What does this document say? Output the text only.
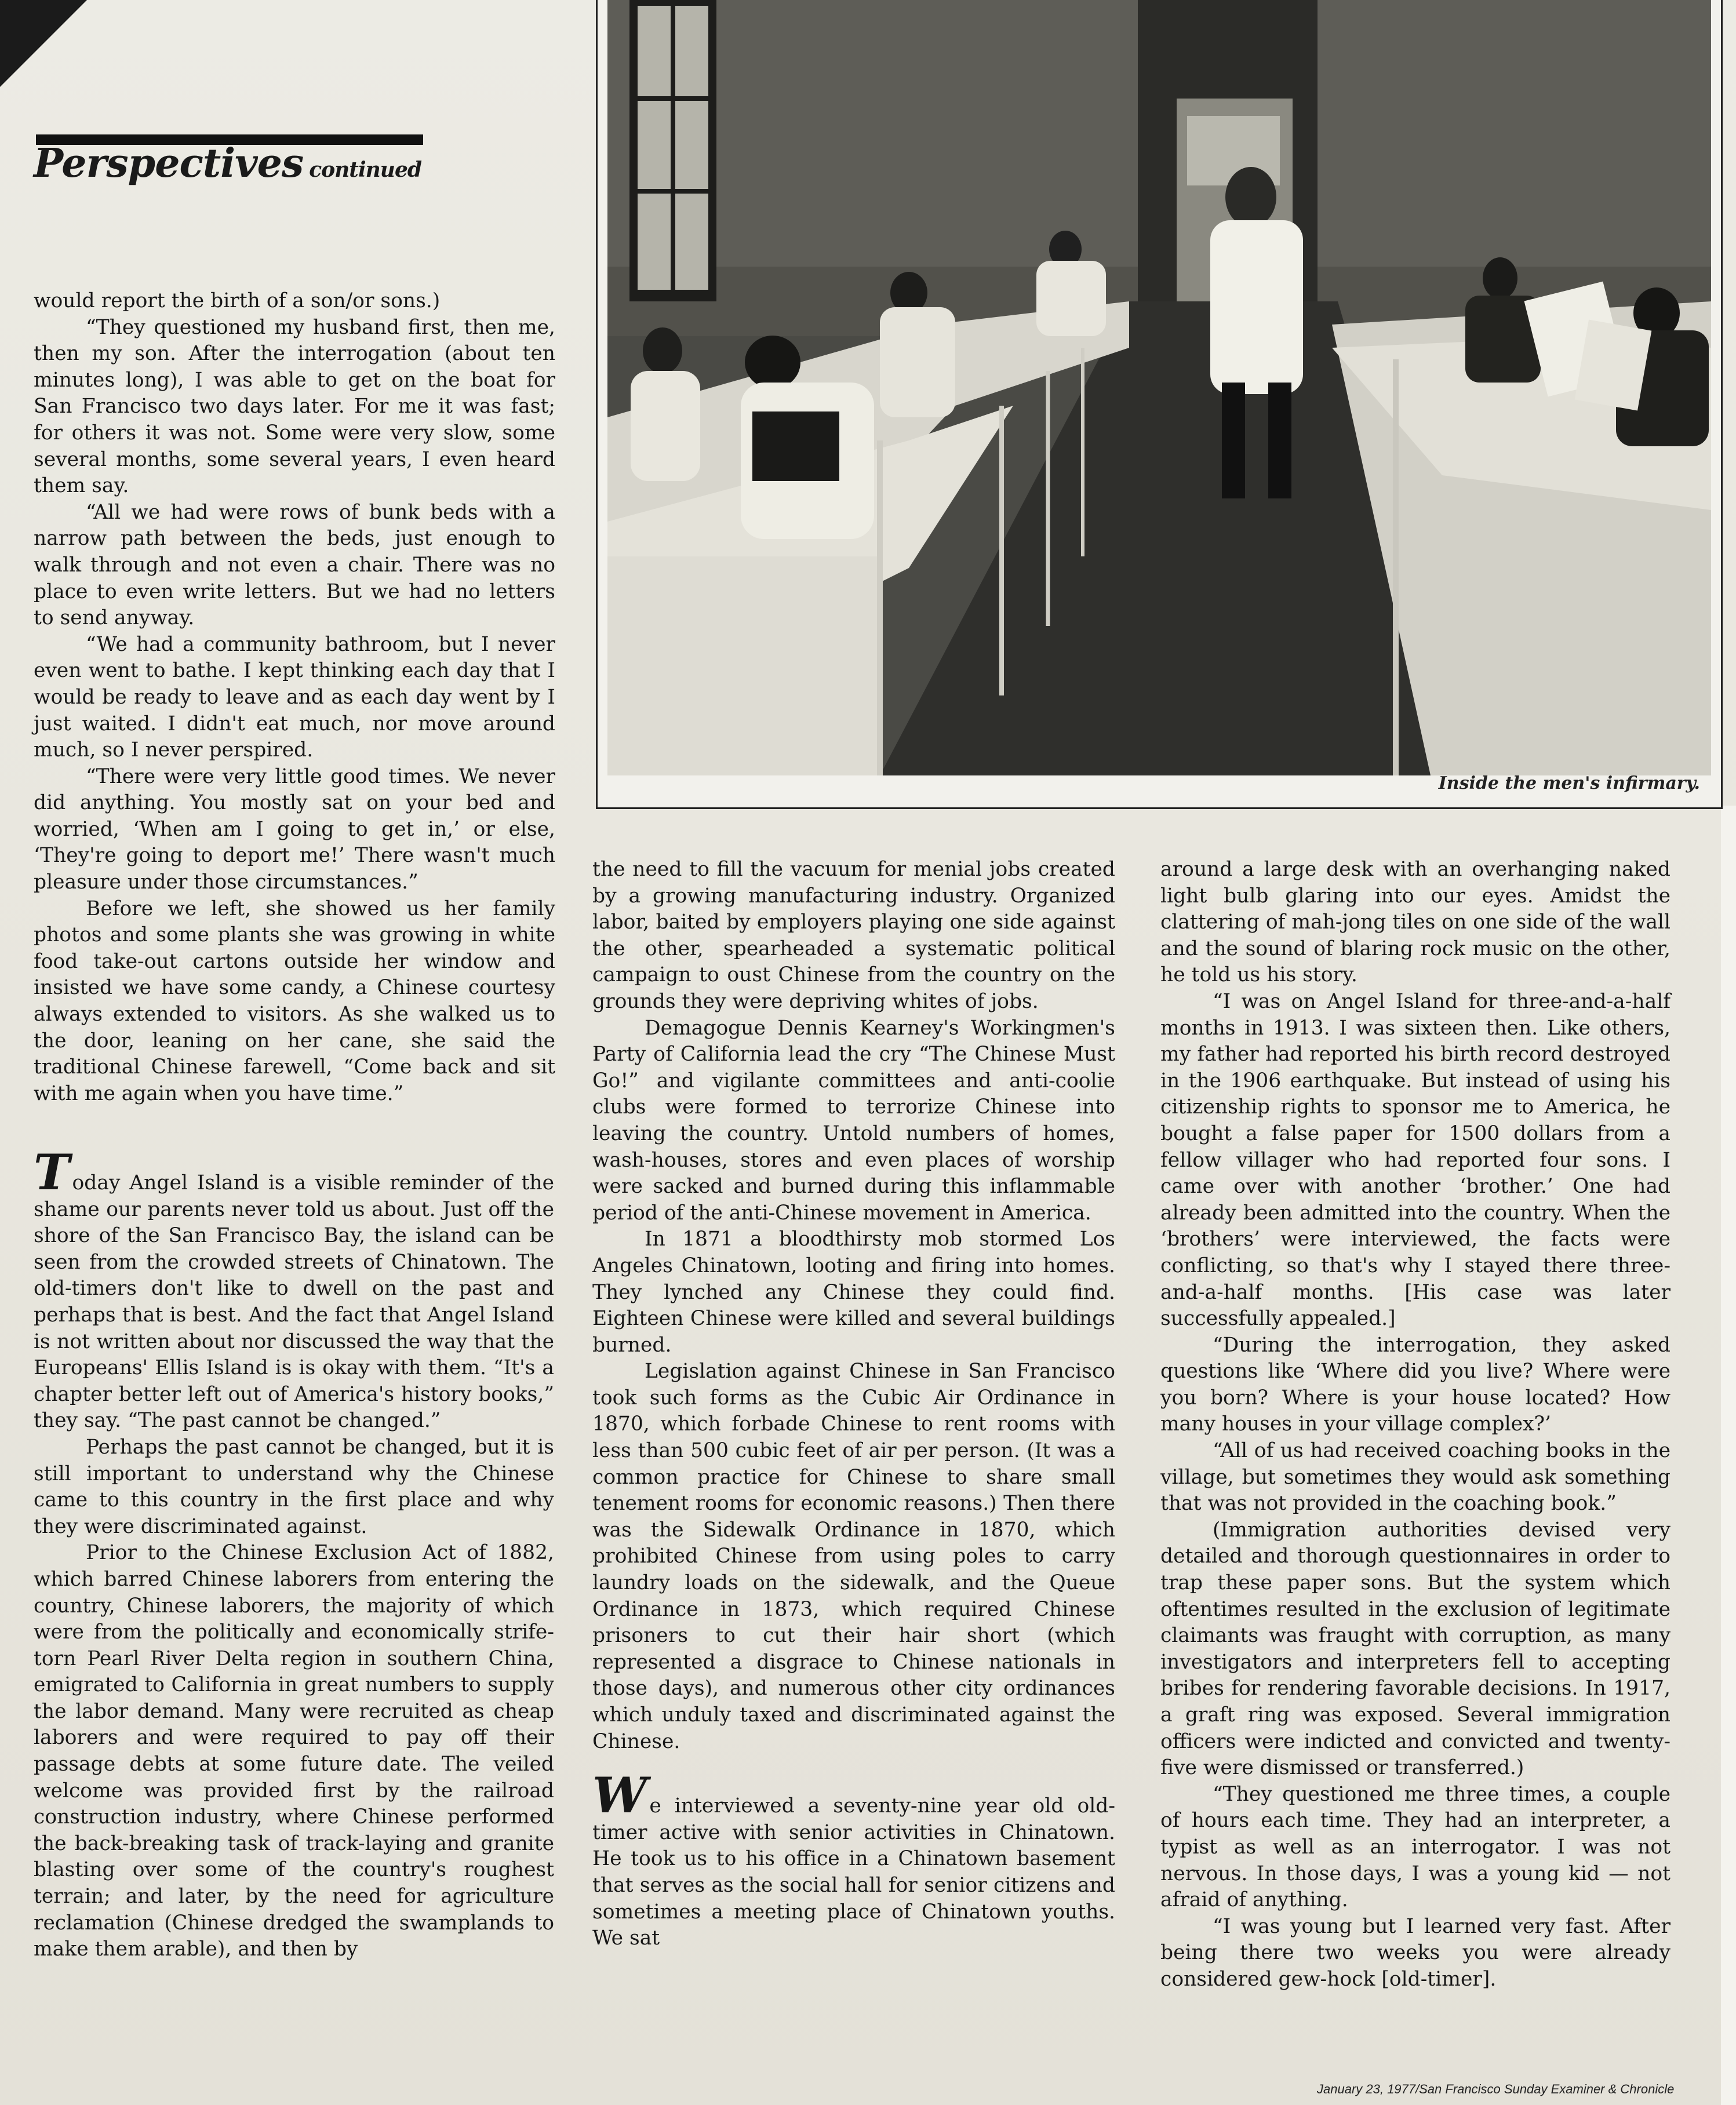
Perspectives continued
Inside the men's infirmary.

would report the birth of a son/or sons.)

“They questioned my husband first, then me, then my son. After the interrogation (about ten minutes long), I was able to get on the boat for San Francisco two days later. For me it was fast; for others it was not. Some were very slow, some several months, some several years, I even heard them say.

“All we had were rows of bunk beds with a narrow path between the beds, just enough to walk through and not even a chair. There was no place to even write letters. But we had no letters to send anyway.

“We had a community bathroom, but I never even went to bathe. I kept thinking each day that I would be ready to leave and as each day went by I just waited. I didn't eat much, nor move around much, so I never perspired.

“There were very little good times. We never did anything. You mostly sat on your bed and worried, ‘When am I going to get in,’ or else, ‘They're going to deport me!’ There wasn't much pleasure under those circumstances.”

Before we left, she showed us her family photos and some plants she was growing in white food take-out cartons outside her window and insisted we have some candy, a Chinese courtesy always extended to visitors. As she walked us to the door, leaning on her cane, she said the traditional Chinese farewell, “Come back and sit with me again when you have time.”

Today Angel Island is a visible reminder of the shame our parents never told us about. Just off the shore of the San Francisco Bay, the island can be seen from the crowded streets of Chinatown. The old-timers don't like to dwell on the past and perhaps that is best. And the fact that Angel Island is not written about nor discussed the way that the Europeans' Ellis Island is is okay with them. “It's a chapter better left out of America's history books,” they say. “The past cannot be changed.”

Perhaps the past cannot be changed, but it is still important to understand why the Chinese came to this country in the first place and why they were discriminated against.

Prior to the Chinese Exclusion Act of 1882, which barred Chinese laborers from entering the country, Chinese laborers, the majority of which were from the politically and economically strife-torn Pearl River Delta region in southern China, emigrated to California in great numbers to supply the labor demand. Many were recruited as cheap laborers and were required to pay off their passage debts at some future date. The veiled welcome was provided first by the railroad construction industry, where Chinese performed the back-breaking task of track-laying and granite blasting over some of the country's roughest terrain; and later, by the need for agriculture reclamation (Chinese dredged the swamplands to make them arable), and then by

the need to fill the vacuum for menial jobs created by a growing manufacturing industry. Organized labor, baited by employers playing one side against the other, spearheaded a systematic political campaign to oust Chinese from the country on the grounds they were depriving whites of jobs.

Demagogue Dennis Kearney's Workingmen's Party of California lead the cry “The Chinese Must Go!” and vigilante committees and anti-coolie clubs were formed to terrorize Chinese into leaving the country. Untold numbers of homes, wash-houses, stores and even places of worship were sacked and burned during this inflammable period of the anti-Chinese movement in America.

In 1871 a bloodthirsty mob stormed Los Angeles Chinatown, looting and firing into homes. They lynched any Chinese they could find. Eighteen Chinese were killed and several buildings burned.

Legislation against Chinese in San Francisco took such forms as the Cubic Air Ordinance in 1870, which forbade Chinese to rent rooms with less than 500 cubic feet of air per person. (It was a common practice for Chinese to share small tenement rooms for economic reasons.) Then there was the Sidewalk Ordinance in 1870, which prohibited Chinese from using poles to carry laundry loads on the sidewalk, and the Queue Ordinance in 1873, which required Chinese prisoners to cut their hair short (which represented a disgrace to Chinese nationals in those days), and numerous other city ordinances which unduly taxed and discriminated against the Chinese.

We interviewed a seventy-nine year old old-timer active with senior activities in Chinatown. He took us to his office in a Chinatown basement that serves as the social hall for senior citizens and sometimes a meeting place of Chinatown youths. We sat

around a large desk with an overhanging naked light bulb glaring into our eyes. Amidst the clattering of mah-jong tiles on one side of the wall and the sound of blaring rock music on the other, he told us his story.

“I was on Angel Island for three-and-a-half months in 1913. I was sixteen then. Like others, my father had reported his birth record destroyed in the 1906 earthquake. But instead of using his citizenship rights to sponsor me to America, he bought a false paper for 1500 dollars from a fellow villager who had reported four sons. I came over with another ‘brother.’ One had already been admitted into the country. When the ‘brothers’ were interviewed, the facts were conflicting, so that's why I stayed there three-and-a-half months. [His case was later successfully appealed.]

“During the interrogation, they asked questions like ‘Where did you live? Where were you born? Where is your house located? How many houses in your village complex?’

“All of us had received coaching books in the village, but sometimes they would ask something that was not provided in the coaching book.”

(Immigration authorities devised very detailed and thorough questionnaires in order to trap these paper sons. But the system which oftentimes resulted in the exclusion of legitimate claimants was fraught with corruption, as many investigators and interpreters fell to accepting bribes for rendering favorable decisions. In 1917, a graft ring was exposed. Several immigration officers were indicted and convicted and twenty-five were dismissed or transferred.)

“They questioned me three times, a couple of hours each time. They had an interpreter, a typist as well as an interrogator. I was not nervous. In those days, I was a young kid — not afraid of anything.

“I was young but I learned very fast. After being there two weeks you were already considered gew-hock [old-timer].

January 23, 1977/San Francisco Sunday Examiner & Chronicle
